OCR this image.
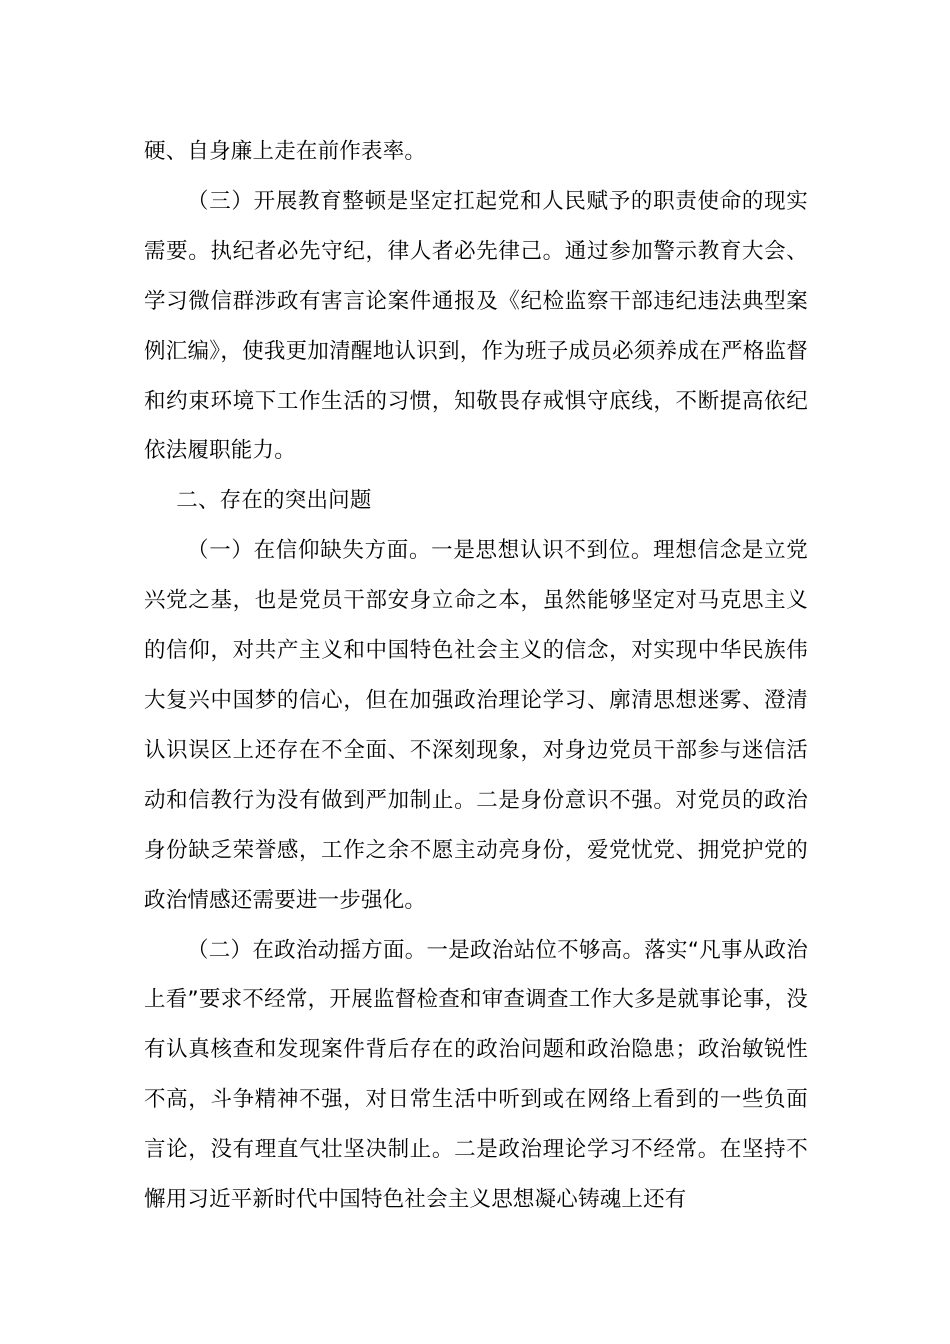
硬、自身廉上走在前作表率。

（三）开展教育整顿是坚定扛起党和人民赋予的职责使命的现实需要。执纪者必先守纪，律人者必先律己。通过参加警示教育大会、学习微信群涉政有害言论案件通报及《纪检监察干部违纪违法典型案例汇编》，使我更加清醒地认识到，作为班子成员必须养成在严格监督和约束环境下工作生活的习惯，知敬畏存戒惧守底线，不断提高依纪依法履职能力。

二、存在的突出问题

（一）在信仰缺失方面。一是思想认识不到位。理想信念是立党兴党之基，也是党员干部安身立命之本，虽然能够坚定对马克思主义的信仰，对共产主义和中国特色社会主义的信念，对实现中华民族伟大复兴中国梦的信心，但在加强政治理论学习、廓清思想迷雾、澄清认识误区上还存在不全面、不深刻现象，对身边党员干部参与迷信活动和信教行为没有做到严加制止。二是身份意识不强。对党员的政治身份缺乏荣誉感，工作之余不愿主动亮身份，爱党忧党、拥党护党的政治情感还需要进一步强化。

（二）在政治动摇方面。一是政治站位不够高。落实“凡事从政治上看”要求不经常，开展监督检查和审查调查工作大多是就事论事，没有认真核查和发现案件背后存在的政治问题和政治隐患；政治敏锐性不高，斗争精神不强，对日常生活中听到或在网络上看到的一些负面言论，没有理直气壮坚决制止。二是政治理论学习不经常。在坚持不懈用习近平新时代中国特色社会主义思想凝心铸魂上还有
